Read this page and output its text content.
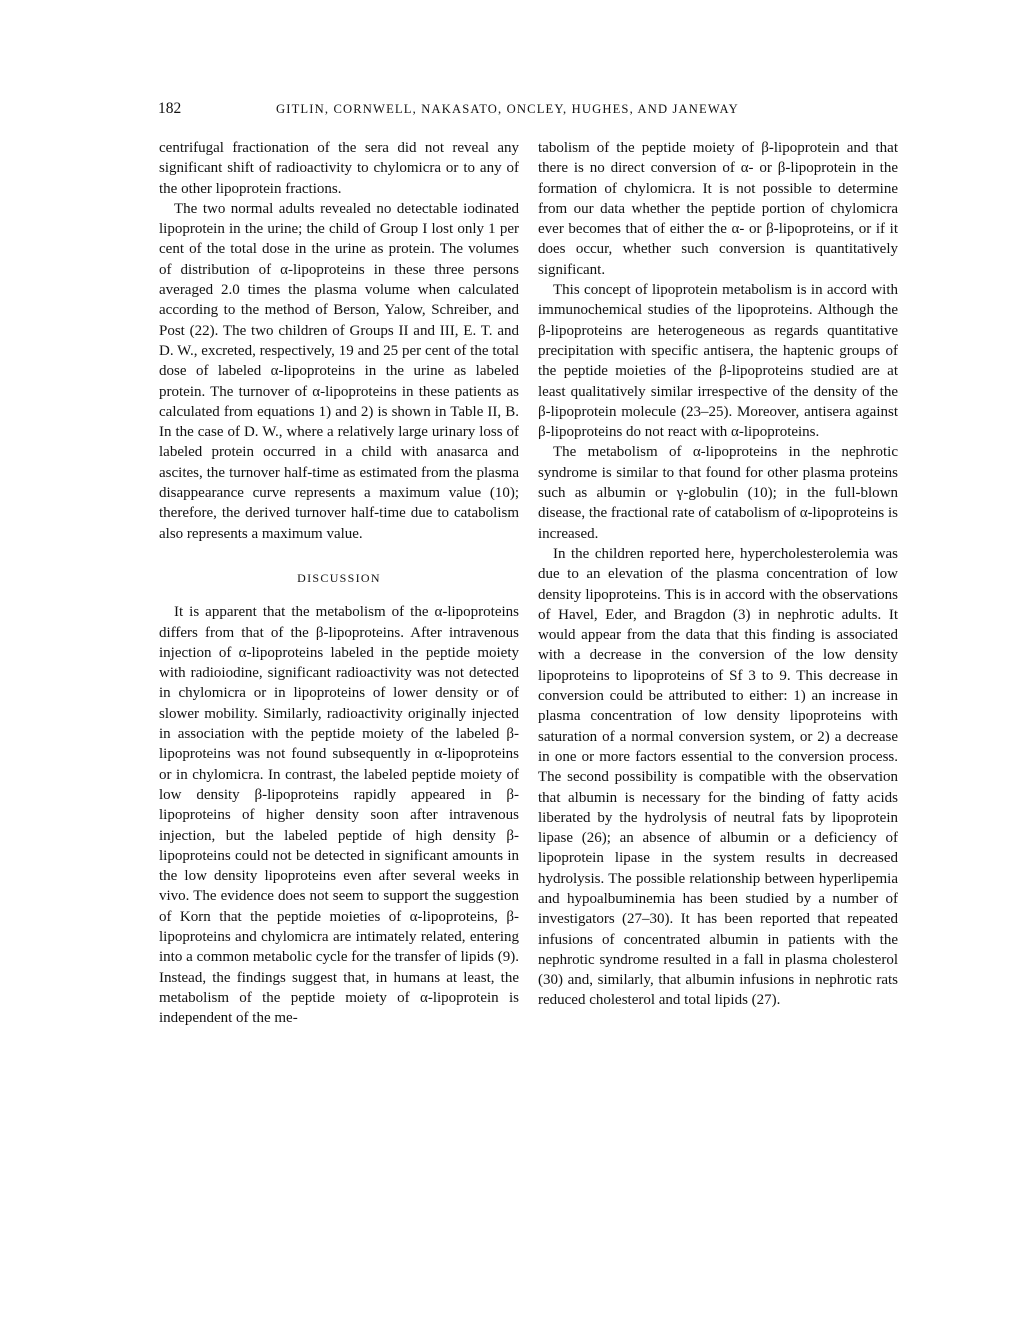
182	GITLIN, CORNWELL, NAKASATO, ONCLEY, HUGHES, AND JANEWAY

centrifugal fractionation of the sera did not reveal any significant shift of radioactivity to chylomicra or to any of the other lipoprotein fractions.

The two normal adults revealed no detectable iodinated lipoprotein in the urine; the child of Group I lost only 1 per cent of the total dose in the urine as protein. The volumes of distribution of α-lipoproteins in these three persons averaged 2.0 times the plasma volume when calculated according to the method of Berson, Yalow, Schreiber, and Post (22). The two children of Groups II and III, E. T. and D. W., excreted, respectively, 19 and 25 per cent of the total dose of labeled α-lipoproteins in the urine as labeled protein. The turnover of α-lipoproteins in these patients as calculated from equations 1) and 2) is shown in Table II, B. In the case of D. W., where a relatively large urinary loss of labeled protein occurred in a child with anasarca and ascites, the turnover half-time as estimated from the plasma disappearance curve represents a maximum value (10); therefore, the derived turnover half-time due to catabolism also represents a maximum value.

DISCUSSION

It is apparent that the metabolism of the α-lipoproteins differs from that of the β-lipoproteins. After intravenous injection of α-lipoproteins labeled in the peptide moiety with radioiodine, significant radioactivity was not detected in chylomicra or in lipoproteins of lower density or of slower mobility. Similarly, radioactivity originally injected in association with the peptide moiety of the labeled β-lipoproteins was not found subsequently in α-lipoproteins or in chylomicra. In contrast, the labeled peptide moiety of low density β-lipoproteins rapidly appeared in β-lipoproteins of higher density soon after intravenous injection, but the labeled peptide of high density β-lipoproteins could not be detected in significant amounts in the low density lipoproteins even after several weeks in vivo. The evidence does not seem to support the suggestion of Korn that the peptide moieties of α-lipoproteins, β-lipoproteins and chylomicra are intimately related, entering into a common metabolic cycle for the transfer of lipids (9). Instead, the findings suggest that, in humans at least, the metabolism of the peptide moiety of α-lipoprotein is independent of the me-

tabolism of the peptide moiety of β-lipoprotein and that there is no direct conversion of α- or β-lipoprotein in the formation of chylomicra. It is not possible to determine from our data whether the peptide portion of chylomicra ever becomes that of either the α- or β-lipoproteins, or if it does occur, whether such conversion is quantitatively significant.

This concept of lipoprotein metabolism is in accord with immunochemical studies of the lipoproteins. Although the β-lipoproteins are heterogeneous as regards quantitative precipitation with specific antisera, the haptenic groups of the peptide moieties of the β-lipoproteins studied are at least qualitatively similar irrespective of the density of the β-lipoprotein molecule (23–25). Moreover, antisera against β-lipoproteins do not react with α-lipoproteins.

The metabolism of α-lipoproteins in the nephrotic syndrome is similar to that found for other plasma proteins such as albumin or γ-globulin (10); in the full-blown disease, the fractional rate of catabolism of α-lipoproteins is increased.

In the children reported here, hypercholesterolemia was due to an elevation of the plasma concentration of low density lipoproteins. This is in accord with the observations of Havel, Eder, and Bragdon (3) in nephrotic adults. It would appear from the data that this finding is associated with a decrease in the conversion of the low density lipoproteins to lipoproteins of Sf 3 to 9. This decrease in conversion could be attributed to either: 1) an increase in plasma concentration of low density lipoproteins with saturation of a normal conversion system, or 2) a decrease in one or more factors essential to the conversion process. The second possibility is compatible with the observation that albumin is necessary for the binding of fatty acids liberated by the hydrolysis of neutral fats by lipoprotein lipase (26); an absence of albumin or a deficiency of lipoprotein lipase in the system results in decreased hydrolysis. The possible relationship between hyperlipemia and hypoalbuminemia has been studied by a number of investigators (27–30). It has been reported that repeated infusions of concentrated albumin in patients with the nephrotic syndrome resulted in a fall in plasma cholesterol (30) and, similarly, that albumin infusions in nephrotic rats reduced cholesterol and total lipids (27).
